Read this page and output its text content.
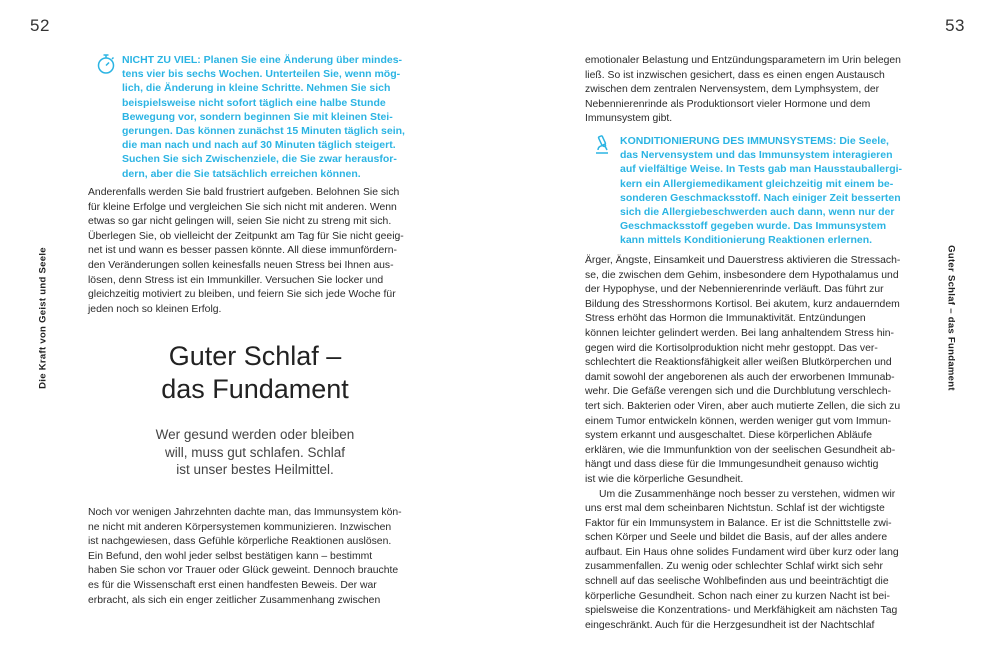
52	53
Die Kraft von Geist und Seele	Guter Schlaf – das Fundament
NICHT ZU VIEL: Planen Sie eine Änderung über mindes-
tens vier bis sechs Wochen. Unterteilen Sie, wenn mög-
lich, die Änderung in kleine Schritte. Nehmen Sie sich
beispielsweise nicht sofort täglich eine halbe Stunde
Bewegung vor, sondern beginnen Sie mit kleinen Stei-
gerungen. Das können zunächst 15 Minuten täglich sein,
die man nach und nach auf 30 Minuten täglich steigert.
Suchen Sie sich Zwischenziele, die Sie zwar herausfor-
dern, aber die Sie tatsächlich erreichen können.
Anderenfalls werden Sie bald frustriert aufgeben. Belohnen Sie sich
für kleine Erfolge und vergleichen Sie sich nicht mit anderen. Wenn
etwas so gar nicht gelingen will, seien Sie nicht zu streng mit sich.
Überlegen Sie, ob vielleicht der Zeitpunkt am Tag für Sie nicht geeig-
net ist und wann es besser passen könnte. All diese immunfördern-
den Veränderungen sollen keinesfalls neuen Stress bei Ihnen aus-
lösen, denn Stress ist ein Immunkiller. Versuchen Sie locker und
gleichzeitig motiviert zu bleiben, und feiern Sie sich jede Woche für
jeden noch so kleinen Erfolg.
Guter Schlaf –
das Fundament
Wer gesund werden oder bleiben
will, muss gut schlafen. Schlaf
ist unser bestes Heilmittel.
Noch vor wenigen Jahrzehnten dachte man, das Immunsystem kön-
ne nicht mit anderen Körpersystemen kommunizieren. Inzwischen
ist nachgewiesen, dass Gefühle körperliche Reaktionen auslösen.
Ein Befund, den wohl jeder selbst bestätigen kann – bestimmt
haben Sie schon vor Trauer oder Glück geweint. Dennoch brauchte
es für die Wissenschaft erst einen handfesten Beweis. Der war
erbracht, als sich ein enger zeitlicher Zusammenhang zwischen
emotionaler Belastung und Entzündungsparametern im Urin belegen
ließ. So ist inzwischen gesichert, dass es einen engen Austausch
zwischen dem zentralen Nervensystem, dem Lymphsystem, der
Nebennierenrinde als Produktionsort vieler Hormone und dem
Immunsystem gibt.
KONDITIONIERUNG DES IMMUNSYSTEMS: Die Seele,
das Nervensystem und das Immunsystem interagieren
auf vielfältige Weise. In Tests gab man Hausstauballergi-
kern ein Allergiemedikament gleichzeitig mit einem be-
sonderen Geschmacksstoff. Nach einiger Zeit besserten
sich die Allergiebeschwerden auch dann, wenn nur der
Geschmacksstoff gegeben wurde. Das Immunsystem
kann mittels Konditionierung Reaktionen erlernen.
Ärger, Ängste, Einsamkeit und Dauerstress aktivieren die Stressach-
se, die zwischen dem Gehim, insbesondere dem Hypothalamus und
der Hypophyse, und der Nebennierenrinde verläuft. Das führt zur
Bildung des Stresshormons Kortisol. Bei akutem, kurz andauerndem
Stress erhöht das Hormon die Immunaktivität. Entzündungen
können leichter gelindert werden. Bei lang anhaltendem Stress hin-
gegen wird die Kortisolproduktion nicht mehr gestoppt. Das ver-
schlechtert die Reaktionsfähigkeit aller weißen Blutkörperchen und
damit sowohl der angeborenen als auch der erworbenen Immunab-
wehr. Die Gefäße verengen sich und die Durchblutung verschlech-
tert sich. Bakterien oder Viren, aber auch mutierte Zellen, die sich zu
einem Tumor entwickeln können, werden weniger gut vom Immun-
system erkannt und ausgeschaltet. Diese körperlichen Abläufe
erklären, wie die Immunfunktion von der seelischen Gesundheit ab-
hängt und dass diese für die Immungesundheit genauso wichtig
ist wie die körperliche Gesundheit.
Um die Zusammenhänge noch besser zu verstehen, widmen wir
uns erst mal dem scheinbaren Nichtstun. Schlaf ist der wichtigste
Faktor für ein Immunsystem in Balance. Er ist die Schnittstelle zwi-
schen Körper und Seele und bildet die Basis, auf der alles andere
aufbaut. Ein Haus ohne solides Fundament wird über kurz oder lang
zusammenfallen. Zu wenig oder schlechter Schlaf wirkt sich sehr
schnell auf das seelische Wohlbefinden aus und beeinträchtigt die
körperliche Gesundheit. Schon nach einer zu kurzen Nacht ist bei-
spielsweise die Konzentrations- und Merkfähigkeit am nächsten Tag
eingeschränkt. Auch für die Herzgesundheit ist der Nachtschlaf
